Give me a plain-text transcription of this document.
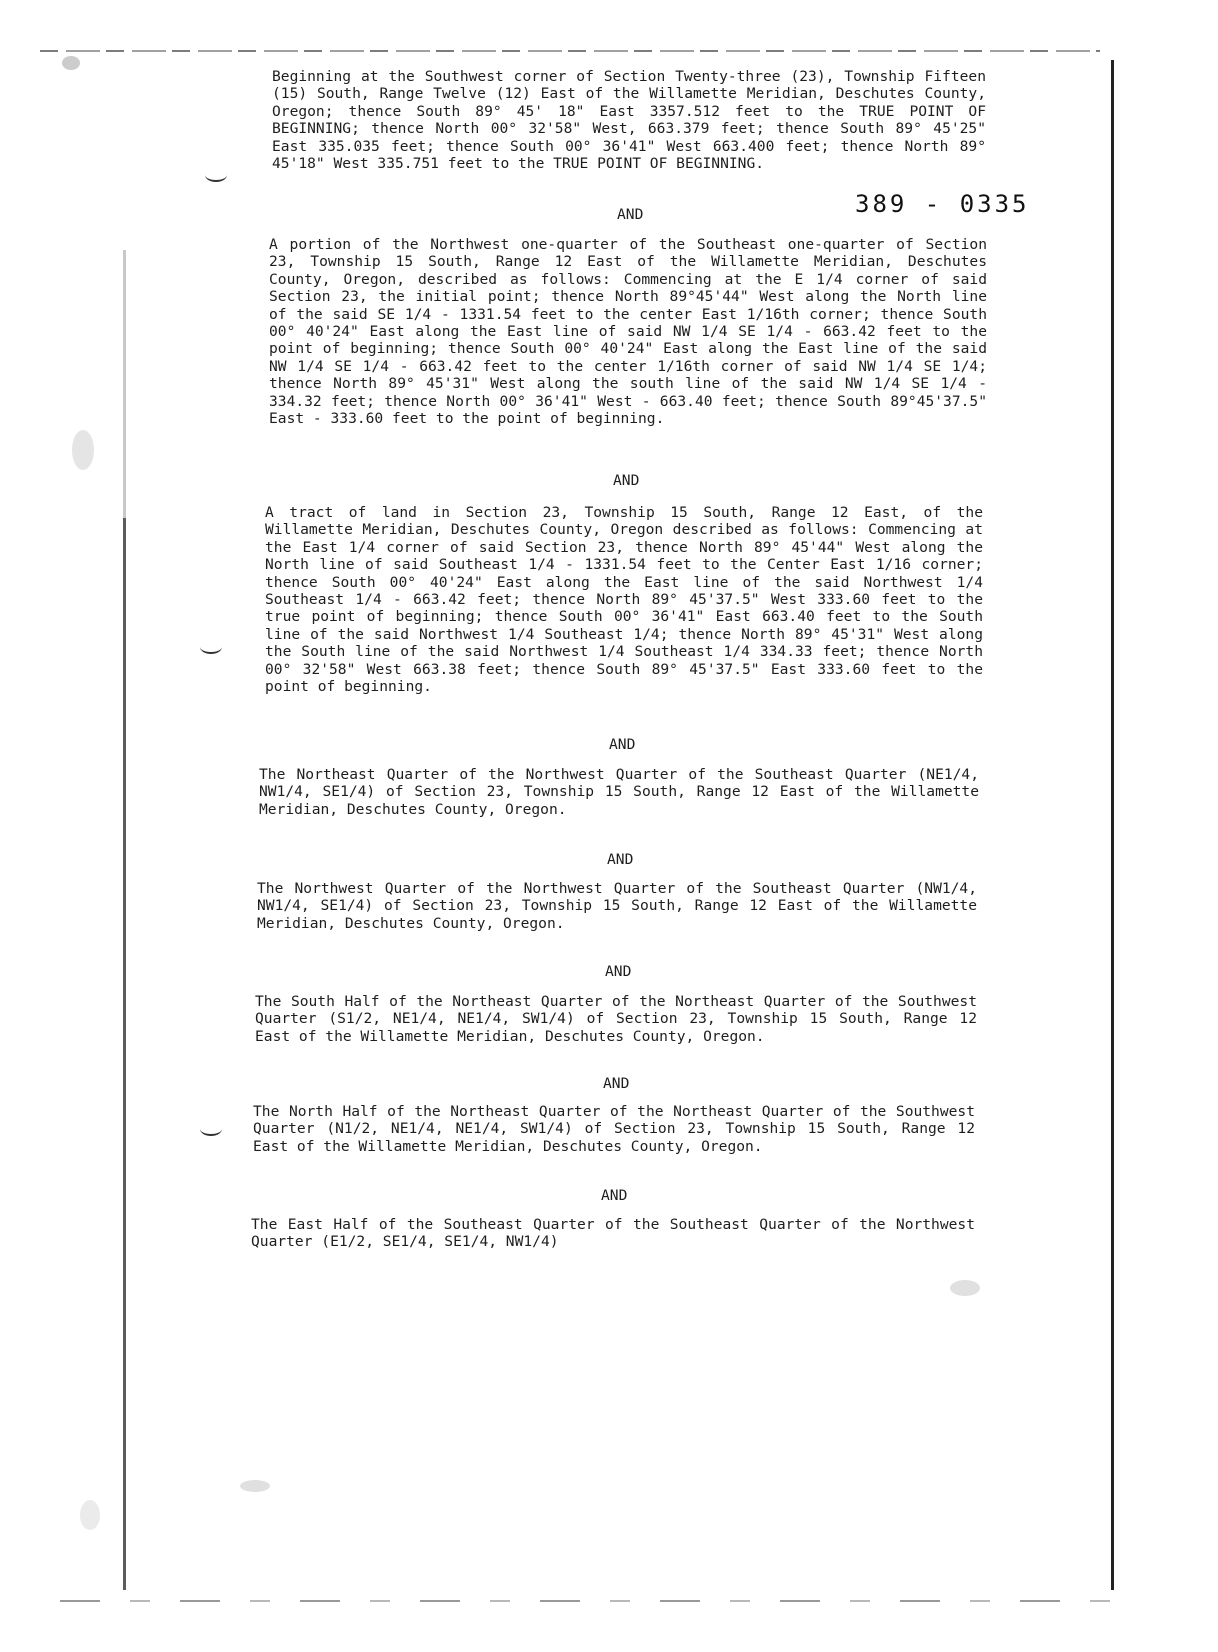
389 - 0335

Beginning at the Southwest corner of Section Twenty-three (23), Township Fifteen (15) South, Range Twelve (12) East of the Willamette Meridian, Deschutes County, Oregon; thence South 89° 45' 18" East 3357.512 feet to the TRUE POINT OF BEGINNING; thence North 00° 32'58" West, 663.379 feet; thence South 89° 45'25" East 335.035 feet; thence South 00° 36'41" West 663.400 feet; thence North 89° 45'18" West 335.751 feet to the TRUE POINT OF BEGINNING.

AND

A portion of the Northwest one-quarter of the Southeast one-quarter of Section 23, Township 15 South, Range 12 East of the Willamette Meridian, Deschutes County, Oregon, described as follows: Commencing at the E 1/4 corner of said Section 23, the initial point; thence North 89°45'44" West along the North line of the said SE 1/4 - 1331.54 feet to the center East 1/16th corner; thence South 00° 40'24" East along the East line of said NW 1/4 SE 1/4 - 663.42 feet to the point of beginning; thence South 00° 40'24" East along the East line of the said NW 1/4 SE 1/4 - 663.42 feet to the center 1/16th corner of said NW 1/4 SE 1/4; thence North 89° 45'31" West along the south line of the said NW 1/4 SE 1/4 - 334.32 feet; thence North 00° 36'41" West - 663.40 feet; thence South 89°45'37.5" East - 333.60 feet to the point of beginning.

AND

A tract of land in Section 23, Township 15 South, Range 12 East, of the Willamette Meridian, Deschutes County, Oregon described as follows: Commencing at the East 1/4 corner of said Section 23, thence North 89° 45'44" West along the North line of said Southeast 1/4 - 1331.54 feet to the Center East 1/16 corner; thence South 00° 40'24" East along the East line of the said Northwest 1/4 Southeast 1/4 - 663.42 feet; thence North 89° 45'37.5" West 333.60 feet to the true point of beginning; thence South 00° 36'41" East 663.40 feet to the South line of the said Northwest 1/4 Southeast 1/4; thence North 89° 45'31" West along the South line of the said Northwest 1/4 Southeast 1/4 334.33 feet; thence North 00° 32'58" West 663.38 feet; thence South 89° 45'37.5" East 333.60 feet to the point of beginning.

AND

The Northeast Quarter of the Northwest Quarter of the Southeast Quarter (NE1/4, NW1/4, SE1/4) of Section 23, Township 15 South, Range 12 East of the Willamette Meridian, Deschutes County, Oregon.

AND

The Northwest Quarter of the Northwest Quarter of the Southeast Quarter (NW1/4, NW1/4, SE1/4) of Section 23, Township 15 South, Range 12 East of the Willamette Meridian, Deschutes County, Oregon.

AND

The South Half of the Northeast Quarter of the Northeast Quarter of the Southwest Quarter (S1/2, NE1/4, NE1/4, SW1/4) of Section 23, Township 15 South, Range 12 East of the Willamette Meridian, Deschutes County, Oregon.

AND

The North Half of the Northeast Quarter of the Northeast Quarter of the Southwest Quarter (N1/2, NE1/4, NE1/4, SW1/4) of Section 23, Township 15 South, Range 12 East of the Willamette Meridian, Deschutes County, Oregon.

AND

The East Half of the Southeast Quarter of the Southeast Quarter of the Northwest Quarter (E1/2, SE1/4, SE1/4, NW1/4)
